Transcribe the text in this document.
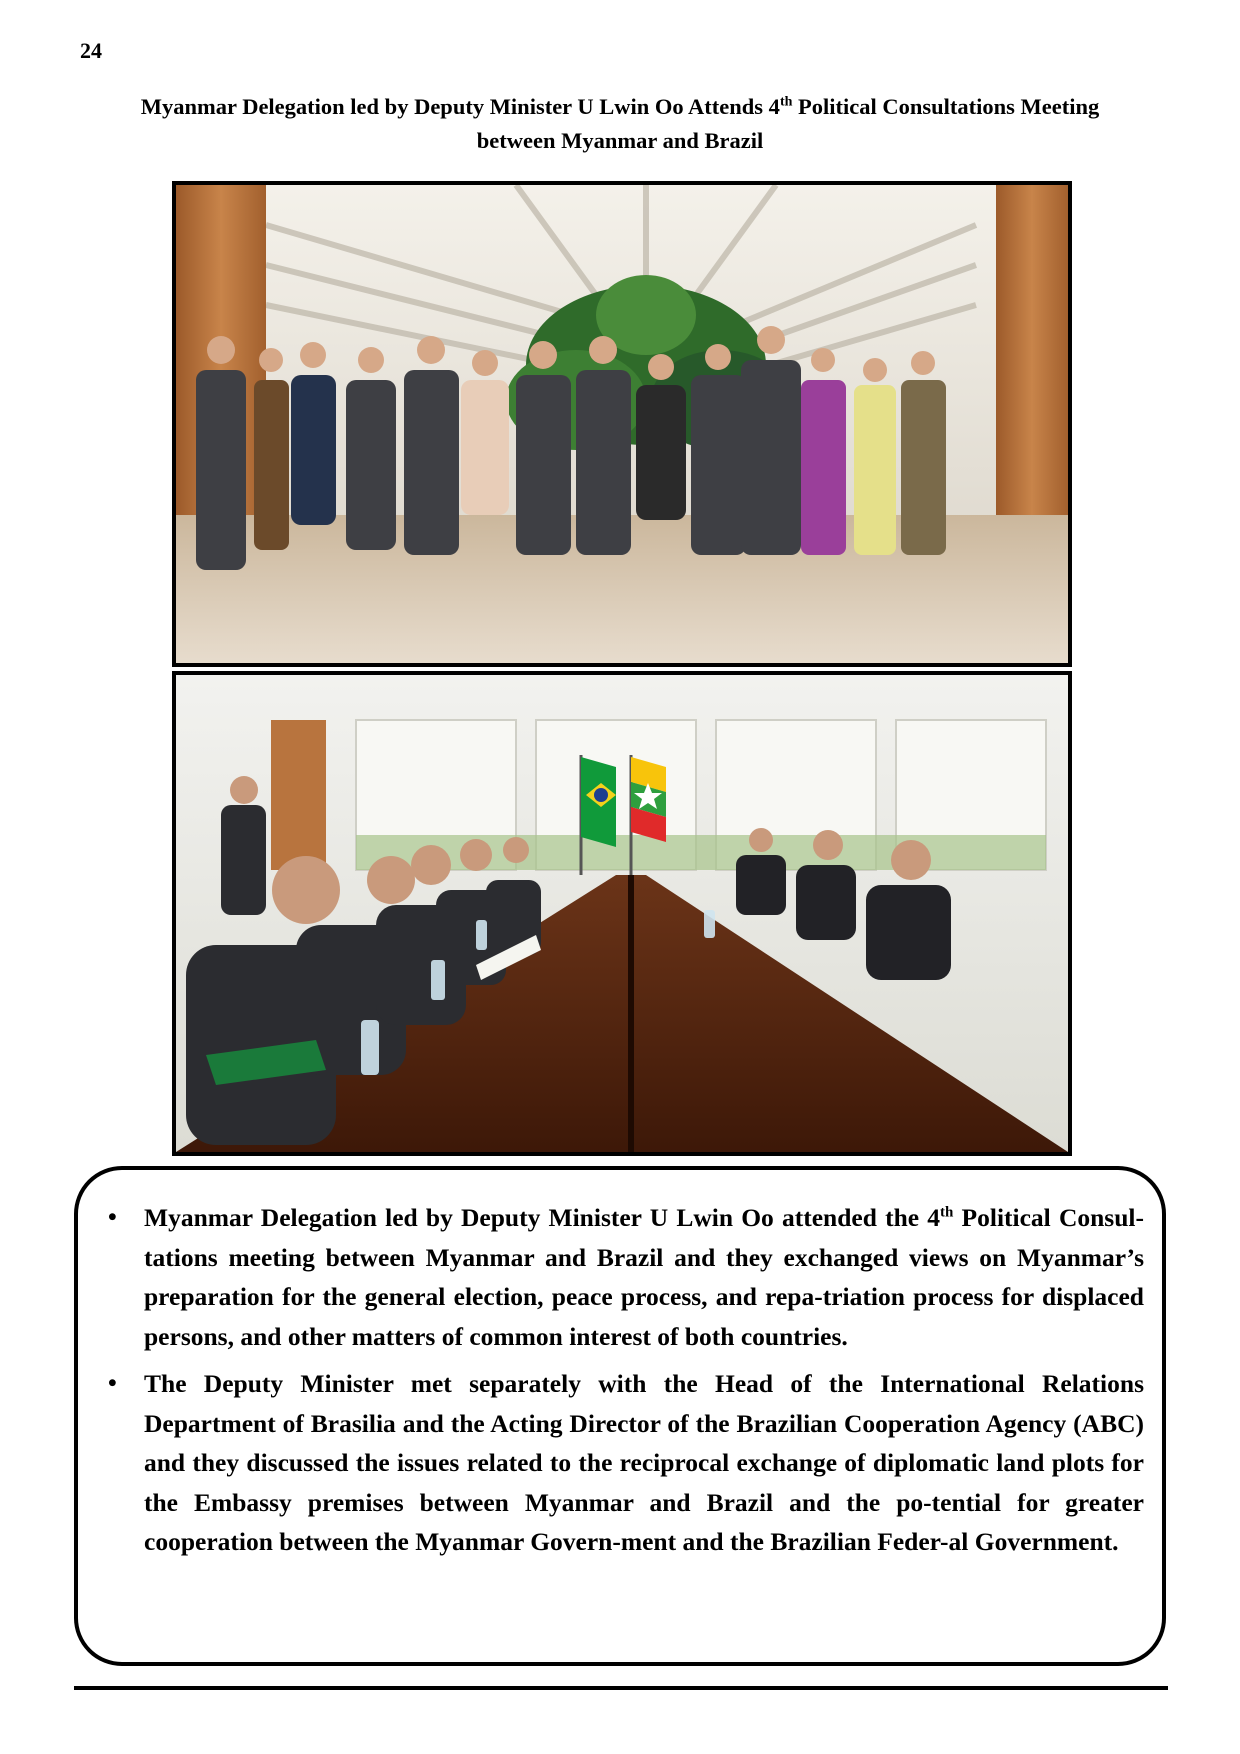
24
Myanmar Delegation led by Deputy Minister U Lwin Oo Attends 4th Political Consultations Meeting
between Myanmar and Brazil
• Myanmar Delegation led by Deputy Minister U Lwin Oo attended the 4th Political Consul-tations meeting between Myanmar and Brazil and they exchanged views on Myanmar’s preparation for the general election, peace process, and repa-triation process for displaced persons, and other matters of common interest of both countries.
• The Deputy Minister met separately with the Head of the International Relations Department of Brasilia and the Acting Director of the Brazilian Cooperation Agency (ABC) and they discussed the issues related to the reciprocal exchange of diplomatic land plots for the Embassy premises between Myanmar and Brazil and the po-tential for greater cooperation between the Myanmar Govern-ment and the Brazilian Feder-al Government.
